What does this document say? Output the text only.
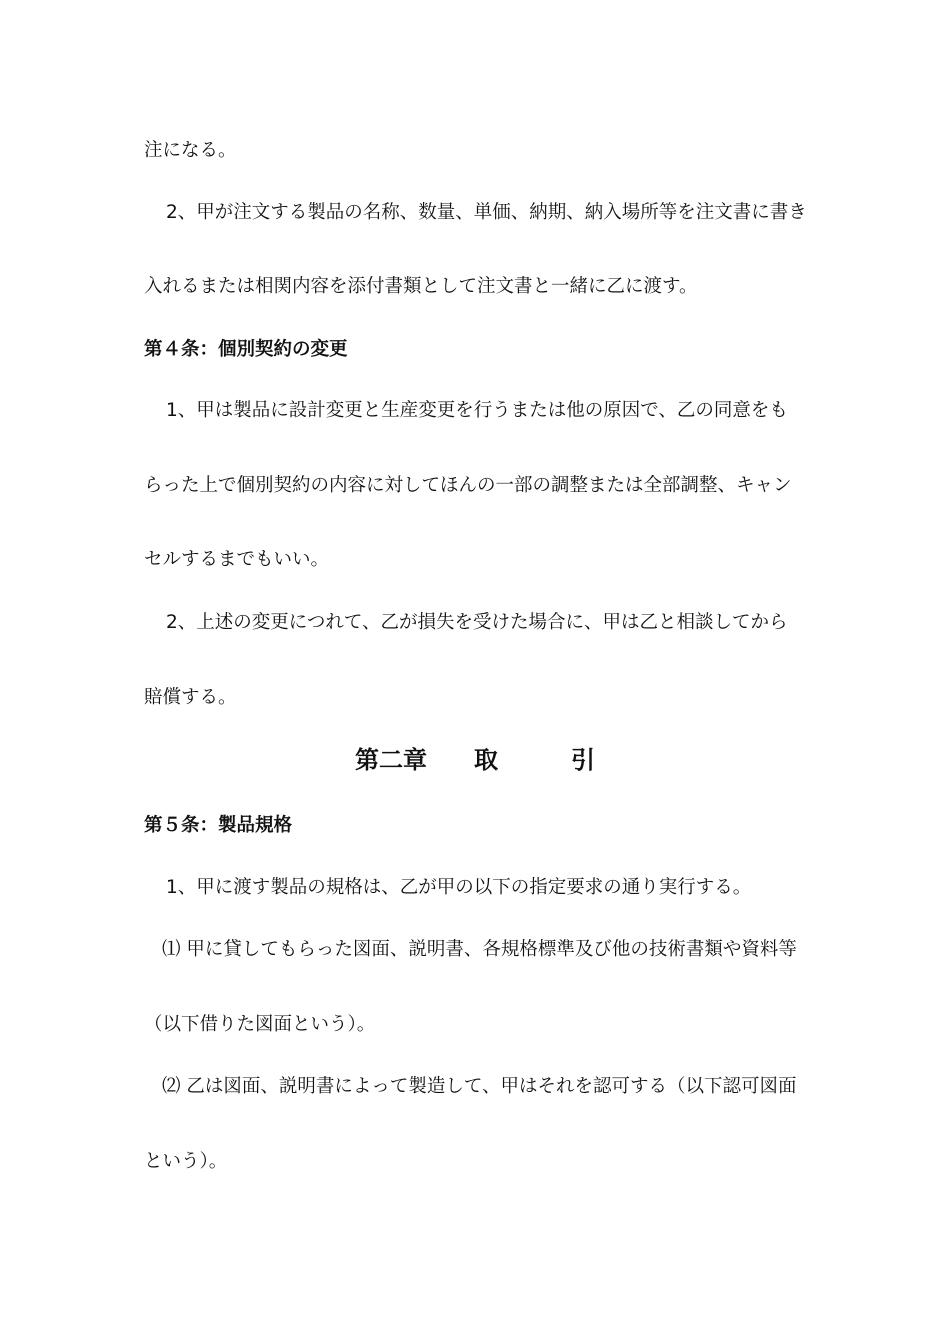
注になる。

2、甲が注文する製品の名称、数量、単価、納期、納入場所等を注文書に書き

入れるまたは相関内容を添付書類として注文書と一緒に乙に渡す。

第４条：個別契約の変更

1、甲は製品に設計変更と生産変更を行うまたは他の原因で、乙の同意をも

らった上で個別契約の内容に対してほんの一部の調整または全部調整、キャン

セルするまでもいい。

2、上述の変更につれて、乙が損失を受けた場合に、甲は乙と相談してから

賠償する。

第二章 取	引

第５条：製品規格

1、甲に渡す製品の規格は、乙が甲の以下の指定要求の通り実行する。

⑴ 甲に貸してもらった図面、説明書、各規格標準及び他の技術書類や資料等

（以下借りた図面という）。

⑵ 乙は図面、説明書によって製造して、甲はそれを認可する（以下認可図面

という）。
